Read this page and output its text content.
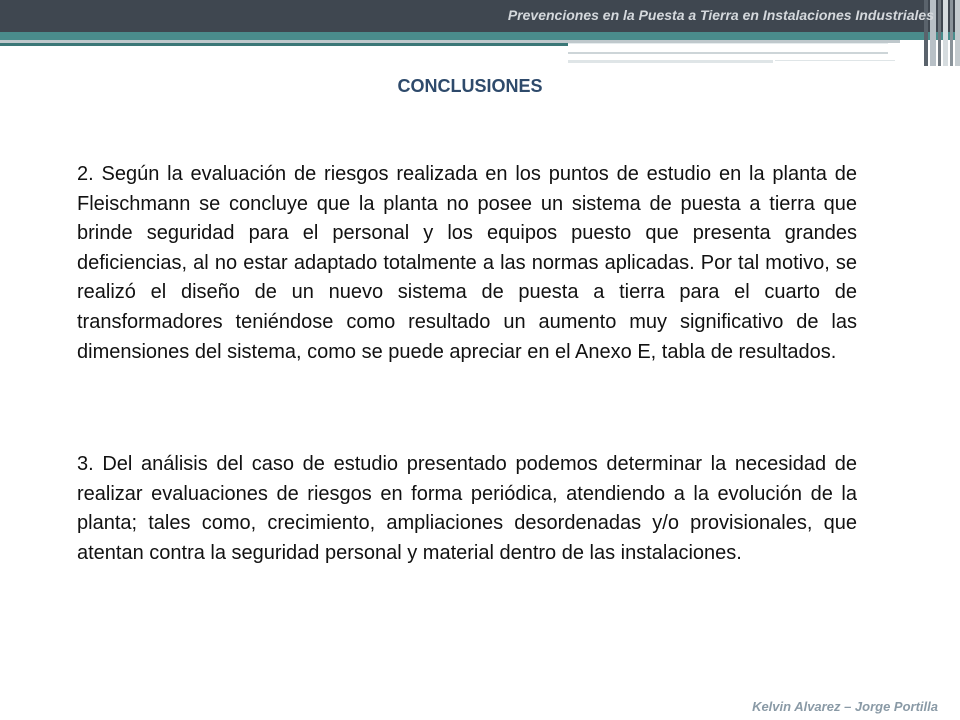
Prevenciones en la Puesta a Tierra en Instalaciones Industriales
CONCLUSIONES

2. Según la evaluación de riesgos realizada en los puntos de estudio en la planta de Fleischmann se concluye que la planta no posee un sistema de puesta a tierra que brinde seguridad para el personal y los equipos puesto que presenta grandes deficiencias, al no estar adaptado totalmente a las normas aplicadas. Por tal motivo, se realizó el diseño de un nuevo sistema de puesta a tierra para el cuarto de transformadores teniéndose como resultado un aumento muy significativo de las dimensiones del sistema, como se puede apreciar en el Anexo E, tabla de resultados.

3. Del análisis del caso de estudio presentado podemos determinar la necesidad de realizar evaluaciones de riesgos en forma periódica, atendiendo a la evolución de la planta; tales como, crecimiento, ampliaciones desordenadas y/o provisionales, que atentan contra la seguridad personal y material dentro de las instalaciones.

Kelvin Alvarez – Jorge Portilla
